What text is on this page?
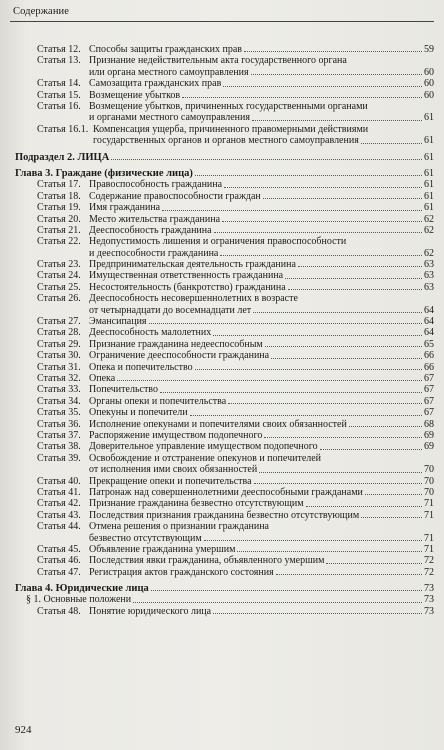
Содержание
Статья 12. Способы защиты гражданских прав	59
Статья 13. Признание недействительным акта государственного органа
или органа местного самоуправления	60
Статья 14. Самозащита гражданских прав	60
Статья 15. Возмещение убытков	60
Статья 16. Возмещение убытков, причиненных государственными органами
и органами местного самоуправления	61
Статья 16.1. Компенсация ущерба, причиненного правомерными действиями
государственных органов и органов местного самоуправления	61
Подраздел 2. ЛИЦА	61
Глава 3. Граждане (физические лица)	61
Статья 17. Правоспособность гражданина	61
Статья 18. Содержание правоспособности граждан	61
Статья 19. Имя гражданина	61
Статья 20. Место жительства гражданина	62
Статья 21. Дееспособность гражданина	62
Статья 22. Недопустимость лишения и ограничения правоспособности
и дееспособности гражданина	62
Статья 23. Предпринимательская деятельность гражданина	63
Статья 24. Имущественная ответственность гражданина	63
Статья 25. Несостоятельность (банкротство) гражданина	63
Статья 26. Дееспособность несовершеннолетних в возрасте
от четырнадцати до восемнадцати лет	64
Статья 27. Эмансипация	64
Статья 28. Дееспособность малолетних	64
Статья 29. Признание гражданина недееспособным	65
Статья 30. Ограничение дееспособности гражданина	66
Статья 31. Опека и попечительство	66
Статья 32. Опека	67
Статья 33. Попечительство	67
Статья 34. Органы опеки и попечительства	67
Статья 35. Опекуны и попечители	67
Статья 36. Исполнение опекунами и попечителями своих обязанностей	68
Статья 37. Распоряжение имуществом подопечного	69
Статья 38. Доверительное управление имуществом подопечного	69
Статья 39. Освобождение и отстранение опекунов и попечителей
от исполнения ими своих обязанностей	70
Статья 40. Прекращение опеки и попечительства	70
Статья 41. Патронаж над совершеннолетними дееспособными гражданами	70
Статья 42. Признание гражданина безвестно отсутствующим	71
Статья 43. Последствия признания гражданина безвестно отсутствующим	71
Статья 44. Отмена решения о признании гражданина
безвестно отсутствующим	71
Статья 45. Объявление гражданина умершим	71
Статья 46. Последствия явки гражданина, объявленного умершим	72
Статья 47. Регистрация актов гражданского состояния	72
Глава 4. Юридические лица	73
§ 1. Основные положени	73
Статья 48. Понятие юридического лица	73
924
